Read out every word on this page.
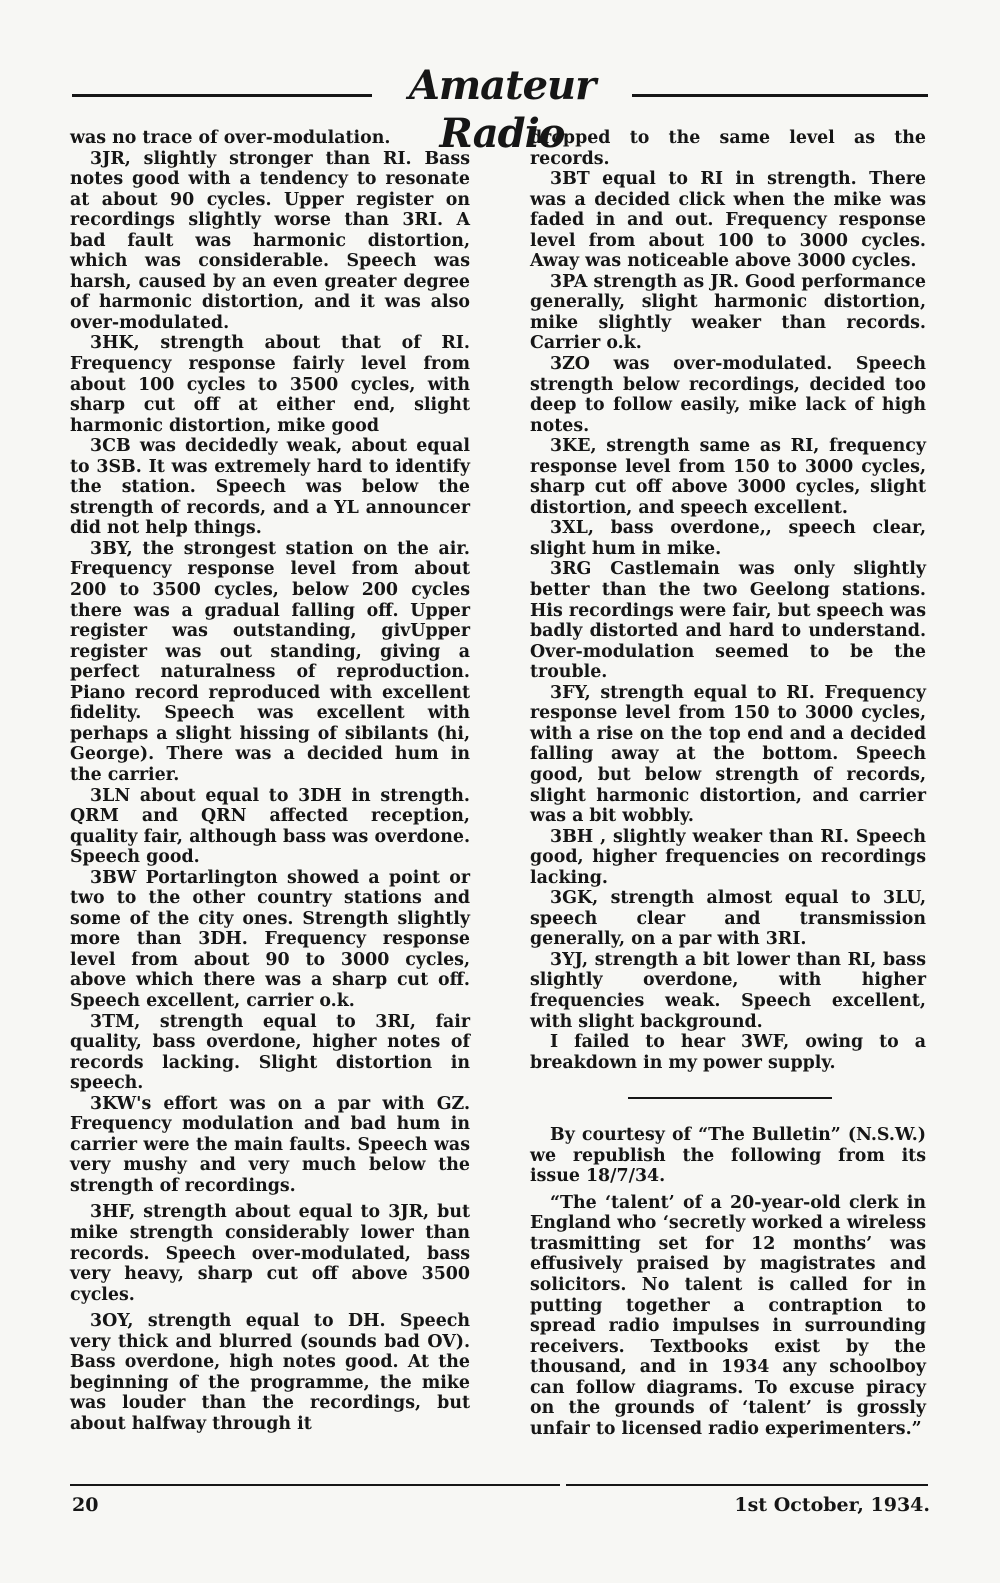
Amateur Radio

was no trace of over-modulation.

3JR, slightly stronger than RI. Bass notes good with a tendency to resonate at about 90 cycles. Upper register on recordings slightly worse than 3RI. A bad fault was harmonic distortion, which was considerable. Speech was harsh, caused by an even greater degree of harmonic distortion, and it was also over-modulated.

3HK, strength about that of RI. Frequency response fairly level from about 100 cycles to 3500 cycles, with sharp cut off at either end, slight harmonic distortion, mike good

3CB was decidedly weak, about equal to 3SB. It was extremely hard to identify the station. Speech was below the strength of records, and a YL announcer did not help things.

3BY, the strongest station on the air. Frequency response level from about 200 to 3500 cycles, below 200 cycles there was a gradual falling off. Upper register was outstanding, givUpper register was out standing, giving a perfect naturalness of reproduction. Piano record reproduced with excellent fidelity. Speech was excellent with perhaps a slight hissing of sibilants (hi, George). There was a decided hum in the carrier.

3LN about equal to 3DH in strength. QRM and QRN affected reception, quality fair, although bass was overdone. Speech good.

3BW Portarlington showed a point or two to the other country stations and some of the city ones. Strength slightly more than 3DH. Frequency response level from about 90 to 3000 cycles, above which there was a sharp cut off. Speech excellent, carrier o.k.

3TM, strength equal to 3RI, fair quality, bass overdone, higher notes of records lacking. Slight distortion in speech.

3KW's effort was on a par with GZ. Frequency modulation and bad hum in carrier were the main faults. Speech was very mushy and very much below the strength of recordings.

3HF, strength about equal to 3JR, but mike strength considerably lower than records. Speech over-modulated, bass very heavy, sharp cut off above 3500 cycles.

3OY, strength equal to DH. Speech very thick and blurred (sounds bad OV). Bass overdone, high notes good. At the beginning of the programme, the mike was louder than the recordings, but about halfway through it

dropped to the same level as the records.

3BT equal to RI in strength. There was a decided click when the mike was faded in and out. Frequency response level from about 100 to 3000 cycles. Away was noticeable above 3000 cycles.

3PA strength as JR. Good performance generally, slight harmonic distortion, mike slightly weaker than records. Carrier o.k.

3ZO was over-modulated. Speech strength below recordings, decided too deep to follow easily, mike lack of high notes.

3KE, strength same as RI, frequency response level from 150 to 3000 cycles, sharp cut off above 3000 cycles, slight distortion, and speech excellent.

3XL, bass overdone,, speech clear, slight hum in mike.

3RG Castlemain was only slightly better than the two Geelong stations. His recordings were fair, but speech was badly distorted and hard to understand. Over-modulation seemed to be the trouble.

3FY, strength equal to RI. Frequency response level from 150 to 3000 cycles, with a rise on the top end and a decided falling away at the bottom. Speech good, but below strength of records, slight harmonic distortion, and carrier was a bit wobbly.

3BH , slightly weaker than RI. Speech good, higher frequencies on recordings lacking.

3GK, strength almost equal to 3LU, speech clear and transmission generally, on a par with 3RI.

3YJ, strength a bit lower than RI, bass slightly overdone, with higher frequencies weak. Speech excellent, with slight background.

I failed to hear 3WF, owing to a breakdown in my power supply.

By courtesy of “The Bulletin” (N.S.W.) we republish the following from its issue 18/7/34.

“The ‘talent’ of a 20-year-old clerk in England who ‘secretly worked a wireless trasmitting set for 12 months’ was effusively praised by magistrates and solicitors. No talent is called for in putting together a contraption to spread radio impulses in surrounding receivers. Textbooks exist by the thousand, and in 1934 any schoolboy can follow diagrams. To excuse piracy on the grounds of ‘talent’ is grossly unfair to licensed radio experimenters.”

20	1st October, 1934.
